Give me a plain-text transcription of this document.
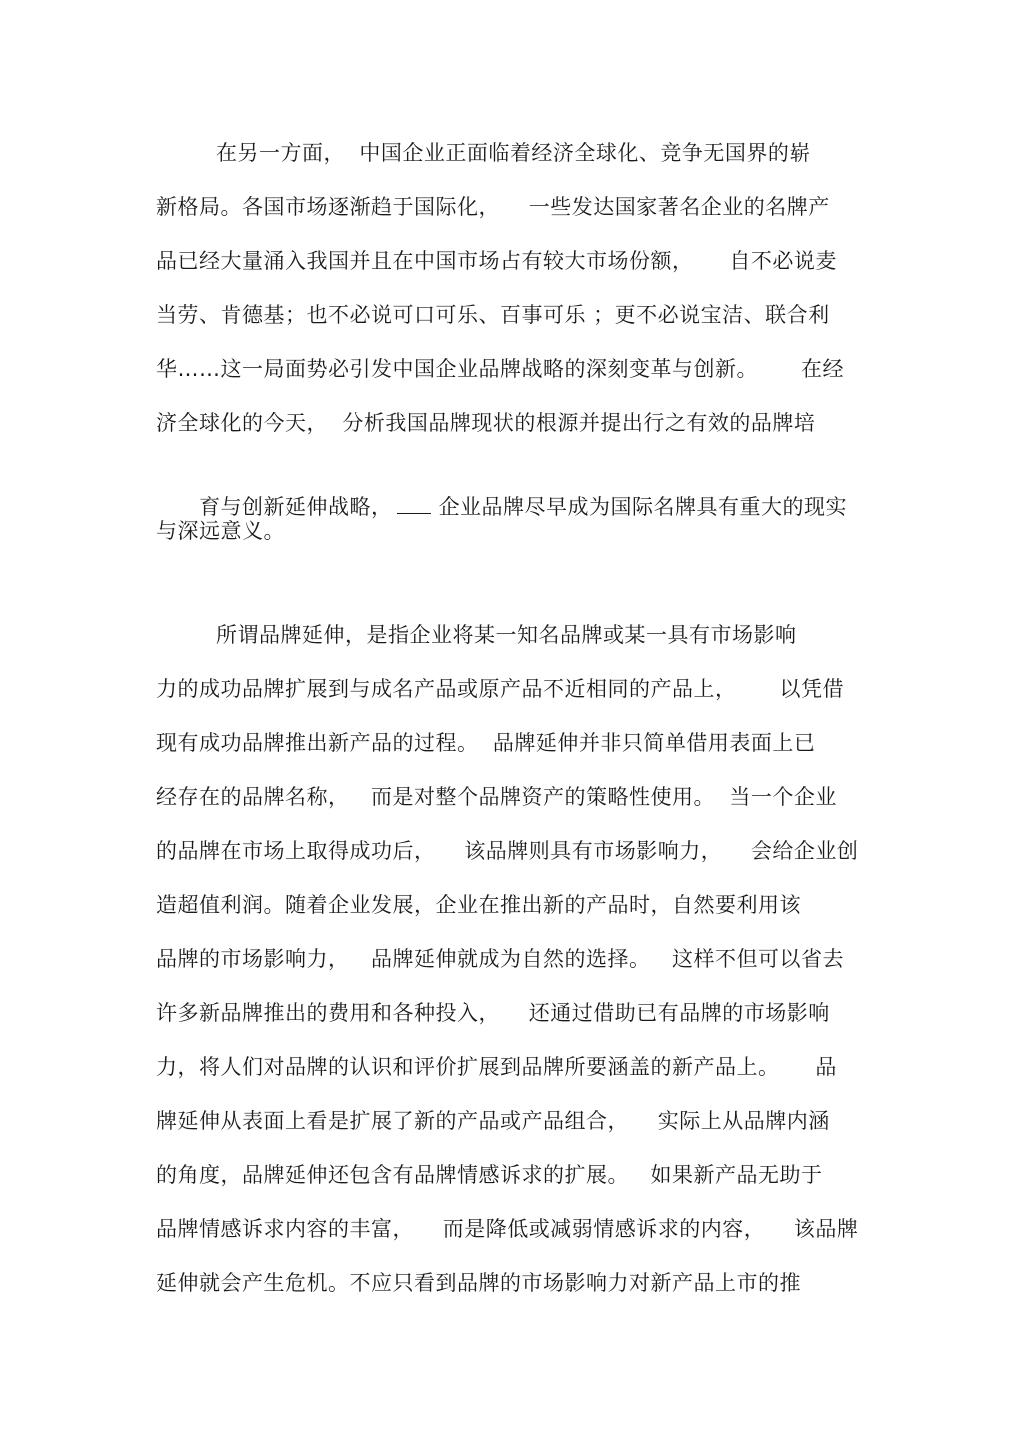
在另一方面，  中国企业正面临着经济全球化、竞争无国界的崭
新格局。各国市场逐渐趋于国际化，    一些发达国家著名企业的名牌产
品已经大量涌入我国并且在中国市场占有较大市场份额，     自不必说麦
当劳、肯德基；也不必说可口可乐、百事可乐 ；更不必说宝洁、联合利
华……这一局面势必引发中国企业品牌战略的深刻变革与创新。      在经
济全球化的今天，  分析我国品牌现状的根源并提出行之有效的品牌培

育与创新延伸战略， 企业品牌尽早成为国际名牌具有重大的现实

与深远意义。
所谓品牌延伸，是指企业将某一知名品牌或某一具有市场影响
力的成功品牌扩展到与成名产品或原产品不近相同的产品上，      以凭借
现有成功品牌推出新产品的过程。  品牌延伸并非只简单借用表面上已
经存在的品牌名称，   而是对整个品牌资产的策略性使用。  当一个企业
的品牌在市场上取得成功后，    该品牌则具有市场影响力，    会给企业创
造超值利润。随着企业发展，企业在推出新的产品时，自然要利用该
品牌的市场影响力，   品牌延伸就成为自然的选择。   这样不但可以省去
许多新品牌推出的费用和各种投入，    还通过借助已有品牌的市场影响
力，将人们对品牌的认识和评价扩展到品牌所要涵盖的新产品上。     品
牌延伸从表面上看是扩展了新的产品或产品组合，    实际上从品牌内涵
的角度，品牌延伸还包含有品牌情感诉求的扩展。   如果新产品无助于
品牌情感诉求内容的丰富，    而是降低或减弱情感诉求的内容，    该品牌
延伸就会产生危机。不应只看到品牌的市场影响力对新产品上市的推
